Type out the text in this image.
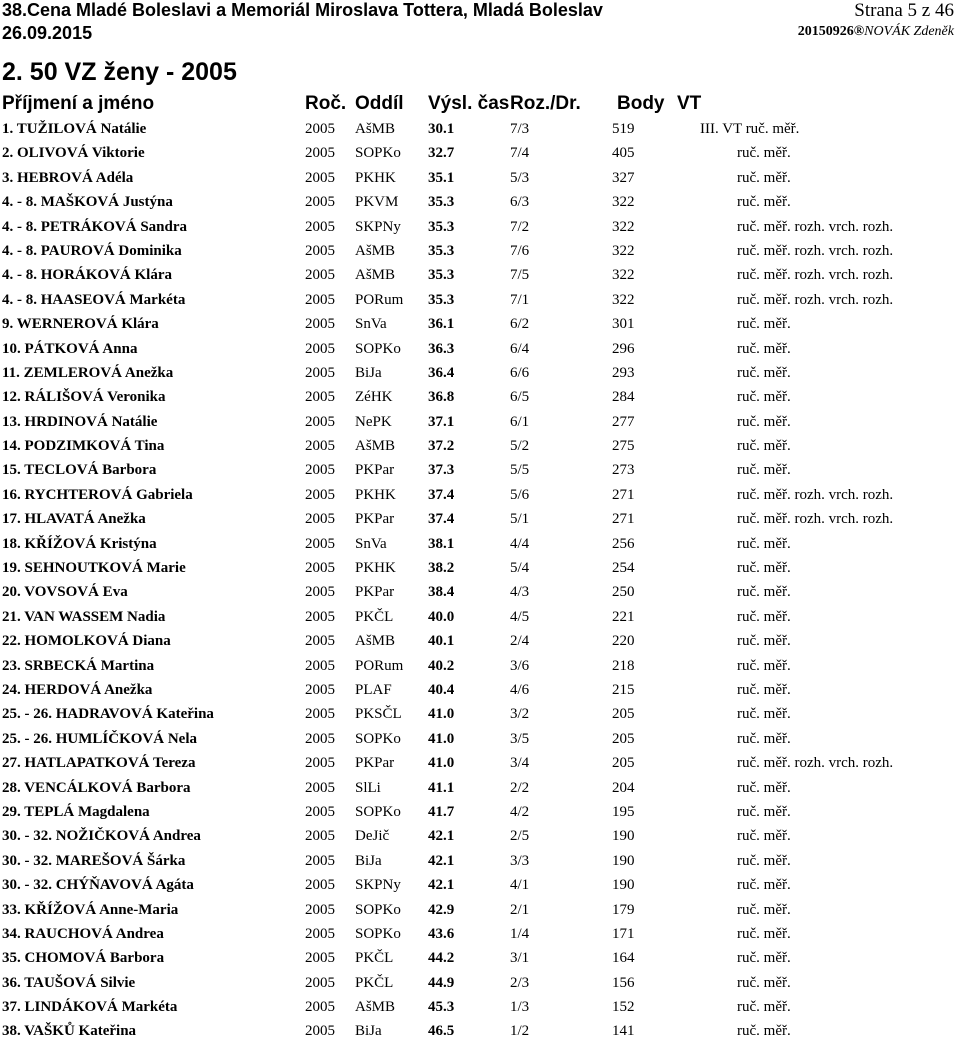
38.Cena Mladé Boleslavi a Memoriál Miroslava Tottera, Mladá Boleslav
26.09.2015
Strana 5 z 46
20150926®NOVÁK Zdeněk
2. 50 VZ ženy - 2005
Příjmení a jméno	Roč. Oddíl Výsl. čas Roz./Dr. Body VT
1. TUŽILOVÁ Natálie	2005 AšMB 30.1	7/3	519	III. VT ruč. měř.
2. OLIVOVÁ Viktorie	2005 SOPKo 32.7	7/4	405	ruč. měř.
3. HEBROVÁ Adéla	2005 PKHK 35.1	5/3	327	ruč. měř.
4. - 8. MAŠKOVÁ Justýna	2005 PKVM 35.3	6/3	322	ruč. měř.
4. - 8. PETRÁKOVÁ Sandra	2005 SKPNy 35.3	7/2	322	ruč. měř. rozh. vrch. rozh.
4. - 8. PAUROVÁ Dominika	2005 AšMB 35.3	7/6	322	ruč. měř. rozh. vrch. rozh.
4. - 8. HORÁKOVÁ Klára	2005 AšMB 35.3	7/5	322	ruč. měř. rozh. vrch. rozh.
4. - 8. HAASEOVÁ Markéta	2005 PORum 35.3	7/1	322	ruč. měř. rozh. vrch. rozh.
9. WERNEROVÁ Klára	2005 SnVa	36.1	6/2	301	ruč. měř.
10. PÁTKOVÁ Anna	2005 SOPKo 36.3	6/4	296	ruč. měř.
11. ZEMLEROVÁ Anežka	2005 BiJa	36.4	6/6	293	ruč. měř.
12. RÁLIŠOVÁ Veronika	2005 ZéHK 36.8	6/5	284	ruč. měř.
13. HRDINOVÁ Natálie	2005 NePK 37.1	6/1	277	ruč. měř.
14. PODZIMKOVÁ Tina	2005 AšMB 37.2	5/2	275	ruč. měř.
15. TECLOVÁ Barbora	2005 PKPar 37.3	5/5	273	ruč. měř.
16. RYCHTEROVÁ Gabriela	2005 PKHK 37.4	5/6	271	ruč. měř. rozh. vrch. rozh.
17. HLAVATÁ Anežka	2005 PKPar 37.4	5/1	271	ruč. měř. rozh. vrch. rozh.
18. KŘÍŽOVÁ Kristýna	2005 SnVa	38.1	4/4	256	ruč. měř.
19. SEHNOUTKOVÁ Marie	2005 PKHK 38.2	5/4	254	ruč. měř.
20. VOVSOVÁ Eva	2005 PKPar 38.4	4/3	250	ruč. měř.
21. VAN WASSEM Nadia	2005 PKČL 40.0	4/5	221	ruč. měř.
22. HOMOLKOVÁ Diana	2005 AšMB 40.1	2/4	220	ruč. měř.
23. SRBECKÁ Martina	2005 PORum 40.2	3/6	218	ruč. měř.
24. HERDOVÁ Anežka	2005 PLAF 40.4	4/6	215	ruč. měř.
25. - 26. HADRAVOVÁ Kateřina	2005 PKSČL 41.0	3/2	205	ruč. měř.
25. - 26. HUMLÍČKOVÁ Nela	2005 SOPKo 41.0	3/5	205	ruč. měř.
27. HATLAPATKOVÁ Tereza	2005 PKPar 41.0	3/4	205	ruč. měř. rozh. vrch. rozh.
28. VENCÁLKOVÁ Barbora	2005 SlLi	41.1	2/2	204	ruč. měř.
29. TEPLÁ Magdalena	2005 SOPKo 41.7	4/2	195	ruč. měř.
30. - 32. NOŽIČKOVÁ Andrea	2005 DeJič	42.1	2/5	190	ruč. měř.
30. - 32. MAREŠOVÁ Šárka	2005 BiJa	42.1	3/3	190	ruč. měř.
30. - 32. CHÝŇAVOVÁ Agáta	2005 SKPNy 42.1	4/1	190	ruč. měř.
33. KŘÍŽOVÁ Anne-Maria	2005 SOPKo 42.9	2/1	179	ruč. měř.
34. RAUCHOVÁ Andrea	2005 SOPKo 43.6	1/4	171	ruč. měř.
35. CHOMOVÁ Barbora	2005 PKČL 44.2	3/1	164	ruč. měř.
36. TAUŠOVÁ Silvie	2005 PKČL 44.9	2/3	156	ruč. měř.
37. LINDÁKOVÁ Markéta	2005 AšMB 45.3	1/3	152	ruč. měř.
38. VAŠKŮ Kateřina	2005 BiJa	46.5	1/2	141	ruč. měř.
